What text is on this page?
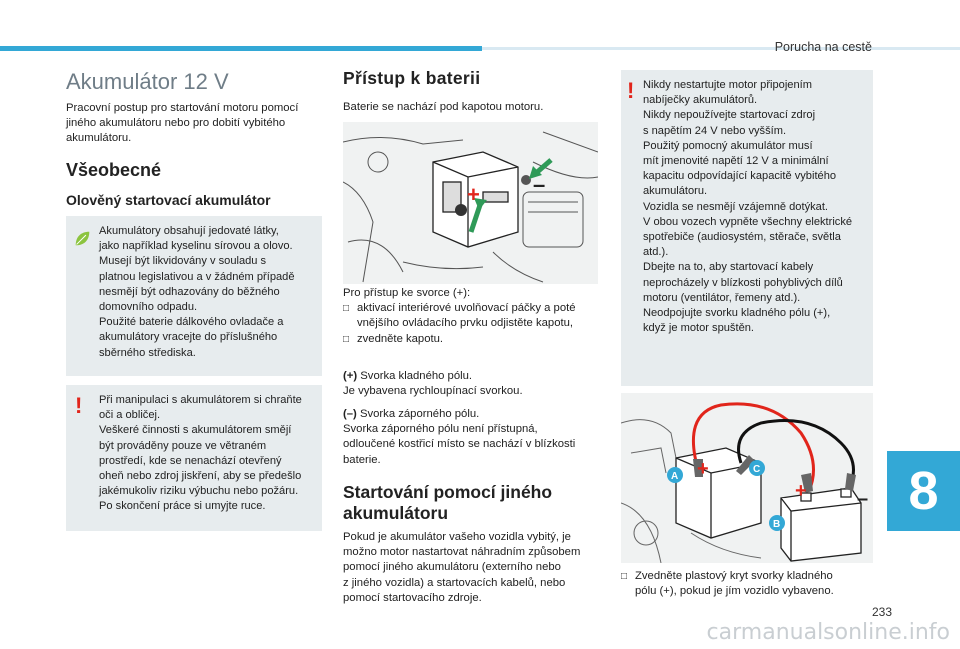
Porucha na cestě
Akumulátor 12 V
Pracovní postup pro startování motoru pomocí jiného akumulátoru nebo pro dobití vybitého akumulátoru.
Všeobecné
Olověný startovací akumulátor
Akumulátory obsahují jedovaté látky,
jako například kyselinu sírovou a olovo.
Musejí být likvidovány v souladu s
platnou legislativou a v žádném případě
nesmějí být odhazovány do běžného
domovního odpadu.
Použité baterie dálkového ovladače a
akumulátory vracejte do příslušného
sběrného střediska.
! Při manipulaci s akumulátorem si chraňte
oči a obličej.
Veškeré činnosti s akumulátorem smějí
být prováděny pouze ve větraném
prostředí, kde se nenachází otevřený
oheň nebo zdroj jiskření, aby se předešlo
jakémukoliv riziku výbuchu nebo požáru.
Po skončení práce si umyjte ruce.
Přístup k baterii
Baterie se nachází pod kapotou motoru.
+ –
Pro přístup ke svorce (+):
□ aktivací interiérové uvolňovací páčky a poté
vnějšího ovládacího prvku odjistěte kapotu,
□ zvedněte kapotu.
(+) Svorka kladného pólu.
Je vybavena rychloupínací svorkou.
(–) Svorka záporného pólu.
Svorka záporného pólu není přístupná,
odloučené kostřicí místo se nachází v blízkosti
baterie.
Startování pomocí jiného akumulátoru
Pokud je akumulátor vašeho vozidla vybitý, je
možno motor nastartovat náhradním způsobem
pomocí jiného akumulátoru (externího nebo
z jiného vozidla) a startovacích kabelů, nebo
pomocí startovacího zdroje.
! Nikdy nestartujte motor připojením
nabíječky akumulátorů.
Nikdy nepoužívejte startovací zdroj
s napětím 24 V nebo vyšším.
Použitý pomocný akumulátor musí
mít jmenovité napětí 12 V a minimální
kapacitu odpovídající kapacitě vybitého
akumulátoru.
Vozidla se nesmějí vzájemně dotýkat.
V obou vozech vypněte všechny elektrické
spotřebiče (audiosystém, stěrače, světla
atd.).
Dbejte na to, aby startovací kabely
neprocházely v blízkosti pohyblivých dílů
motoru (ventilátor, řemeny atd.).
Neodpojujte svorku kladného pólu (+),
když je motor spuštěn.
+
+	–
A
B
C
□ Zvedněte plastový kryt svorky kladného
pólu (+), pokud je jím vozidlo vybaveno.
8
233
carmanualsonline.info
